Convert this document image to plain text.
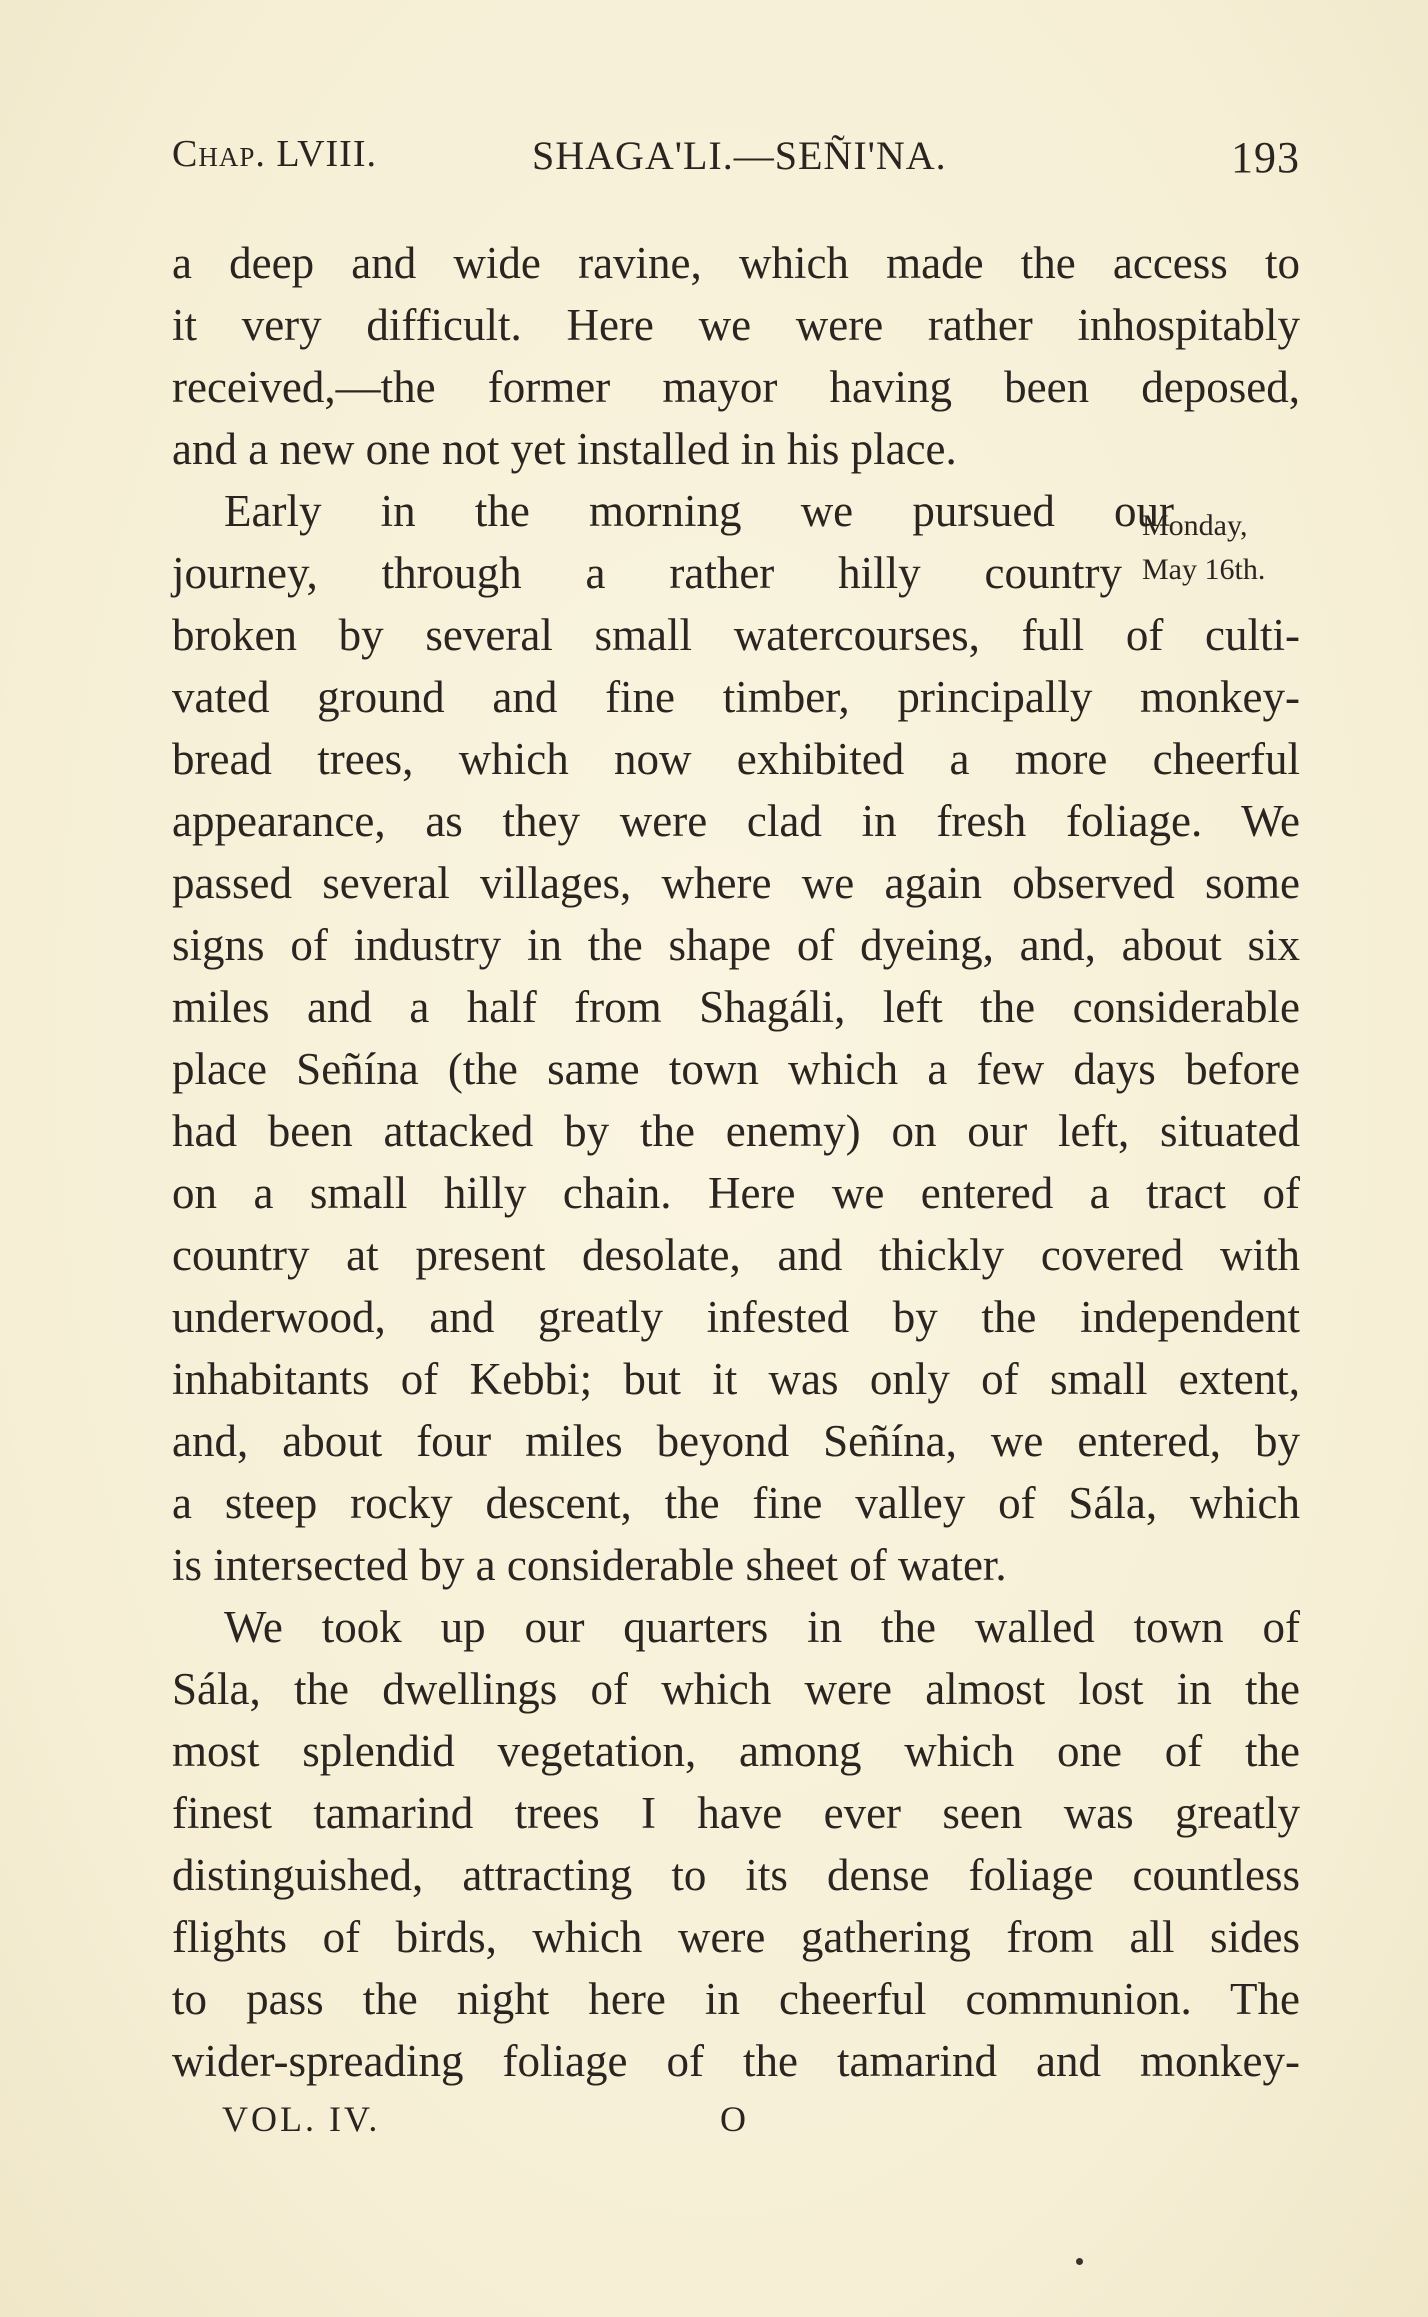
Chap. LVIII.	SHAGA'LI.—SEÑI'NA.	193
a deep and wide ravine, which made the access to
it very difficult. Here we were rather inhospitably
received,—the former mayor having been deposed,
and a new one not yet installed in his place.
Early in the morning we pursued our
journey, through a rather hilly country
broken by several small watercourses, full of culti-
vated ground and fine timber, principally monkey-
bread trees, which now exhibited a more cheerful
appearance, as they were clad in fresh foliage. We
passed several villages, where we again observed some
signs of industry in the shape of dyeing, and, about six
miles and a half from Shagáli, left the considerable
place Señína (the same town which a few days before
had been attacked by the enemy) on our left, situated
on a small hilly chain. Here we entered a tract of
country at present desolate, and thickly covered with
underwood, and greatly infested by the independent
inhabitants of Kebbi; but it was only of small extent,
and, about four miles beyond Señína, we entered, by
a steep rocky descent, the fine valley of Sála, which
is intersected by a considerable sheet of water.
We took up our quarters in the walled town of
Sála, the dwellings of which were almost lost in the
most splendid vegetation, among which one of the
finest tamarind trees I have ever seen was greatly
distinguished, attracting to its dense foliage countless
flights of birds, which were gathering from all sides
to pass the night here in cheerful communion. The
wider-spreading foliage of the tamarind and monkey-
Monday,
May 16th.
VOL. IV.	O
